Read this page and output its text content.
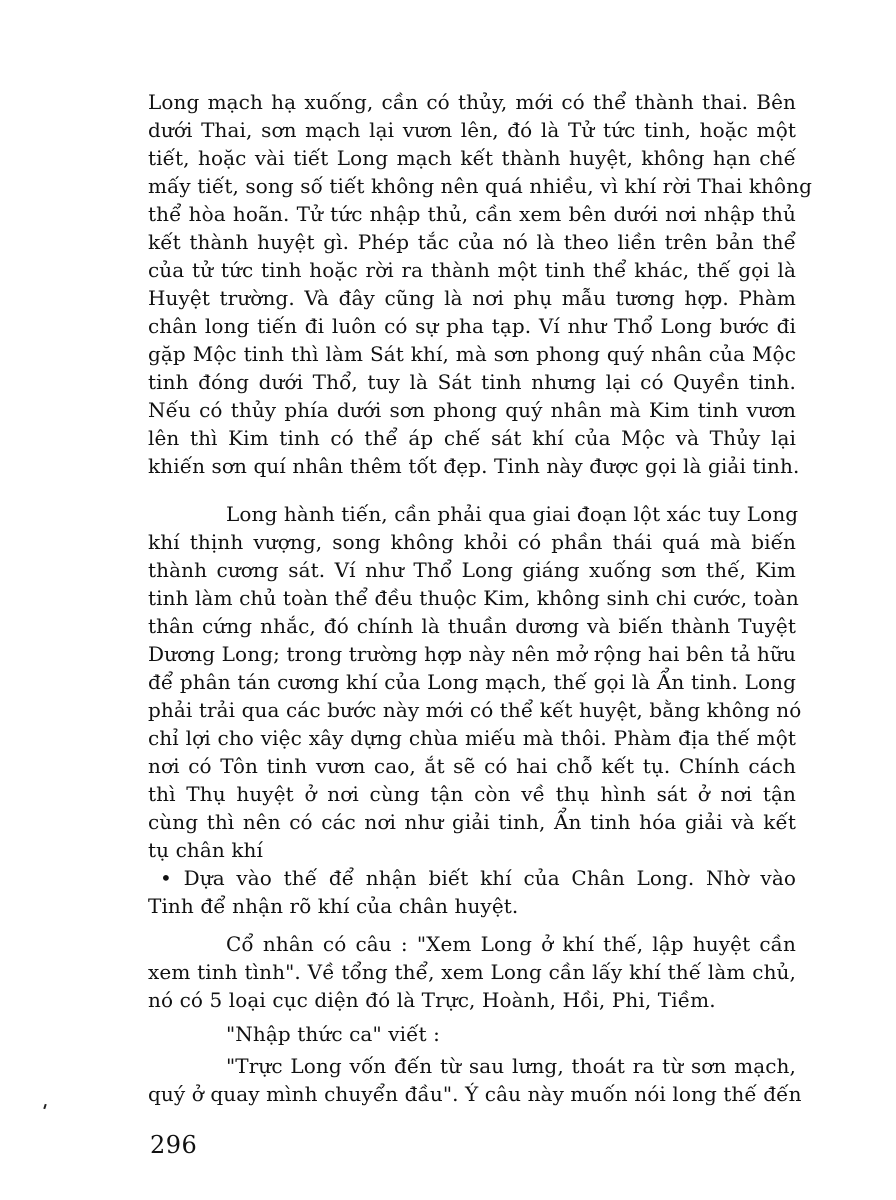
Long mạch hạ xuống, cần có thủy, mới có thể thành thai. Bên
dưới Thai, sơn mạch lại vươn lên, đó là Tử tức tinh, hoặc một
tiết, hoặc vài tiết Long mạch kết thành huyệt, không hạn chế
mấy tiết, song số tiết không nên quá nhiều, vì khí rời Thai không
thể hòa hoãn. Tử tức nhập thủ, cần xem bên dưới nơi nhập thủ
kết thành huyệt gì. Phép tắc của nó là theo liền trên bản thể
của tử tức tinh hoặc rời ra thành một tinh thể khác, thế gọi là
Huyệt trường. Và đây cũng là nơi phụ mẫu tương hợp. Phàm
chân long tiến đi luôn có sự pha tạp. Ví như Thổ Long bước đi
gặp Mộc tinh thì làm Sát khí, mà sơn phong quý nhân của Mộc
tinh đóng dưới Thổ, tuy là Sát tinh nhưng lại có Quyền tinh.
Nếu có thủy phía dưới sơn phong quý nhân mà Kim tinh vươn
lên thì Kim tinh có thể áp chế sát khí của Mộc và Thủy lại
khiến sơn quí nhân thêm tốt đẹp. Tinh này được gọi là giải tinh.
Long hành tiến, cần phải qua giai đoạn lột xác tuy Long
khí thịnh vượng, song không khỏi có phần thái quá mà biến
thành cương sát. Ví như Thổ Long giáng xuống sơn thế, Kim
tinh làm chủ toàn thể đều thuộc Kim, không sinh chi cước, toàn
thân cứng nhắc, đó chính là thuần dương và biến thành Tuyệt
Dương Long; trong trường hợp này nên mở rộng hai bên tả hữu
để phân tán cương khí của Long mạch, thế gọi là Ẩn tinh. Long
phải trải qua các bước này mới có thể kết huyệt, bằng không nó
chỉ lợi cho việc xây dựng chùa miếu mà thôi. Phàm địa thế một
nơi có Tôn tinh vươn cao, ắt sẽ có hai chỗ kết tụ. Chính cách
thì Thụ huyệt ở nơi cùng tận còn về thụ hình sát ở nơi tận
cùng thì nên có các nơi như giải tinh, Ẩn tinh hóa giải và kết
tụ chân khí
• Dựa vào thế để nhận biết khí của Chân Long. Nhờ vào
Tinh để nhận rõ khí của chân huyệt.
Cổ nhân có câu : "Xem Long ở khí thế, lập huyệt cần
xem tinh tình". Về tổng thể, xem Long cần lấy khí thế làm chủ,
nó có 5 loại cục diện đó là Trực, Hoành, Hồi, Phi, Tiềm.
"Nhập thức ca" viết :
"Trực Long vốn đến từ sau lưng, thoát ra từ sơn mạch,
quý ở quay mình chuyển đầu". Ý câu này muốn nói long thế đến
296
